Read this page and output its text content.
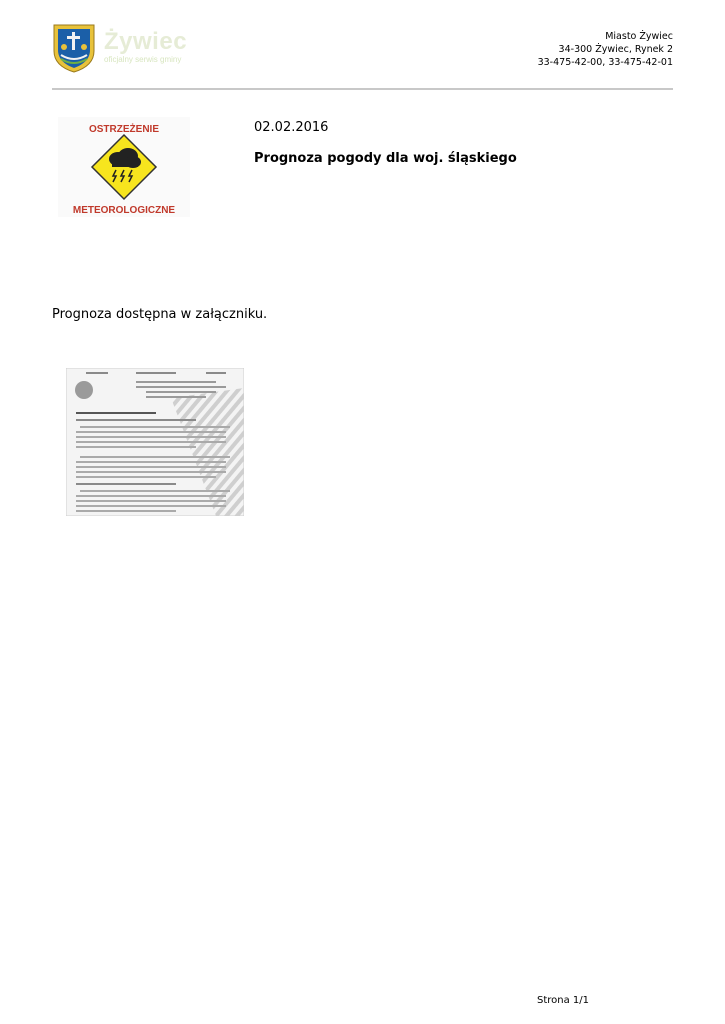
Żywiec
oficjalny serwis gminy
Miasto Żywiec
34-300 Żywiec, Rynek 2
33-475-42-00, 33-475-42-01
OSTRZEŻENIE
METEOROLOGICZNE
02.02.2016
Prognoza pogody dla woj. śląskiego
Prognoza dostępna w załączniku.
Strona 1/1
